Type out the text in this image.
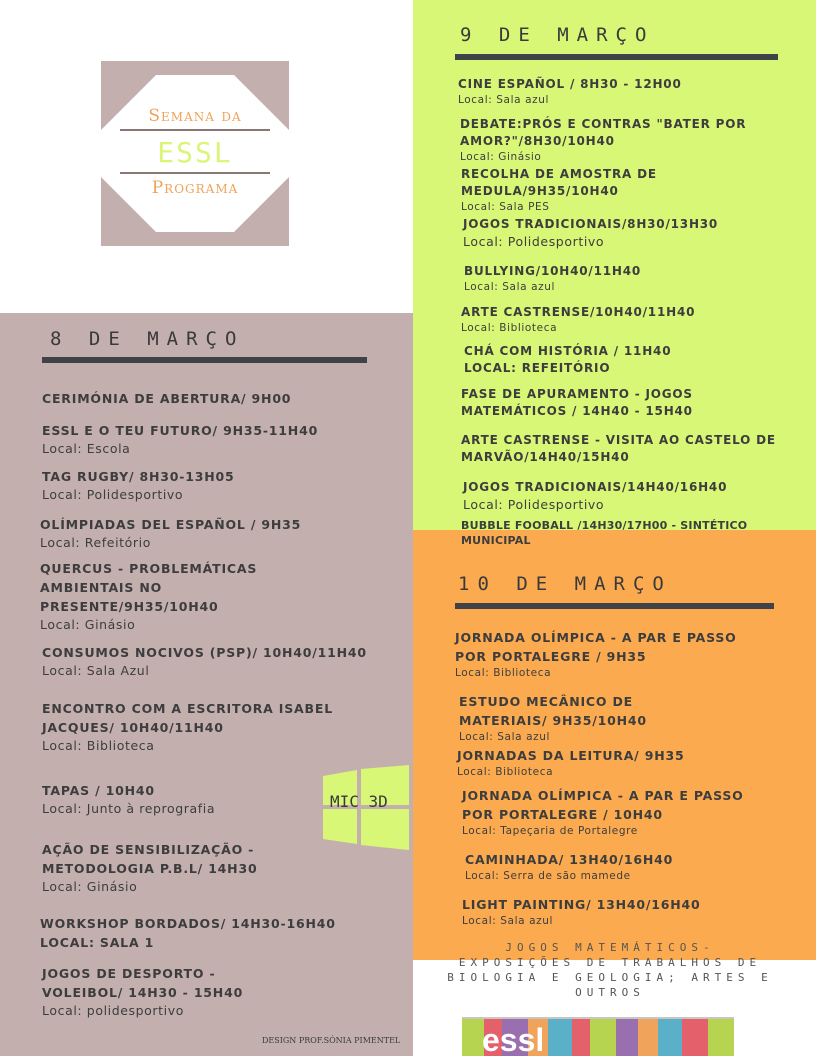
Semana da
ESSL
Programa
8 DE MARÇO
CERIMÓNIA DE ABERTURA/ 9H00
ESSL E O TEU FUTURO/ 9H35-11H40
Local: Escola
TAG RUGBY/ 8H30-13H05
Local: Polidesportivo
OLÍMPIADAS DEL ESPAÑOL / 9H35
Local: Refeitório
QUERCUS - PROBLEMÁTICAS
AMBIENTAIS NO
PRESENTE/9H35/10H40
Local: Ginásio
CONSUMOS NOCIVOS (PSP)/ 10H40/11H40
Local: Sala Azul
ENCONTRO COM A ESCRITORA ISABEL
JACQUES/ 10H40/11H40
Local: Biblioteca
TAPAS / 10H40
Local: Junto à reprografia
AÇÃO DE SENSIBILIZAÇÃO -
METODOLOGIA P.B.L/ 14H30
Local: Ginásio
WORKSHOP BORDADOS/ 14H30-16H40
LOCAL: SALA 1
JOGOS DE DESPORTO -
VOLEIBOL/ 14H30 - 15H40
Local: polidesportivo
MIC 3D
9 DE MARÇO
CINE ESPAÑOL / 8H30 - 12H00
Local: Sala azul
DEBATE:PRÓS E CONTRAS "BATER POR
AMOR?"/8H30/10H40
Local: Ginásio
RECOLHA DE AMOSTRA DE
MEDULA/9H35/10H40
Local: Sala PES
JOGOS TRADICIONAIS/8H30/13H30
Local: Polidesportivo
BULLYING/10H40/11H40
Local: Sala azul
ARTE CASTRENSE/10H40/11H40
Local: Biblioteca
CHÁ COM HISTÓRIA / 11H40
LOCAL: REFEITÓRIO
FASE DE APURAMENTO - JOGOS
MATEMÁTICOS / 14H40 - 15H40
ARTE CASTRENSE - VISITA AO CASTELO DE
MARVÃO/14H40/15H40
JOGOS TRADICIONAIS/14H40/16H40
Local: Polidesportivo
BUBBLE FOOBALL /14H30/17H00 - SINTÉTICO
MUNICIPAL
10 DE MARÇO
JORNADA OLÍMPICA - A PAR E PASSO
POR PORTALEGRE / 9H35
Local: Biblioteca
ESTUDO MECÂNICO DE
MATERIAIS/ 9H35/10H40
Local: Sala azul
JORNADAS DA LEITURA/ 9H35
Local: Biblioteca
JORNADA OLÍMPICA - A PAR E PASSO
POR PORTALEGRE / 10H40
Local: Tapeçaria de Portalegre
CAMINHADA/ 13H40/16H40
Local: Serra de são mamede
LIGHT PAINTING/ 13H40/16H40
Local: Sala azul
JOGOS MATEMÁTICOS-
EXPOSIÇÕES DE TRABALHOS DE
BIOLOGIA E GEOLOGIA; ARTES E
OUTROS
essl
DESIGN PROF.SÓNIA PIMENTEL
